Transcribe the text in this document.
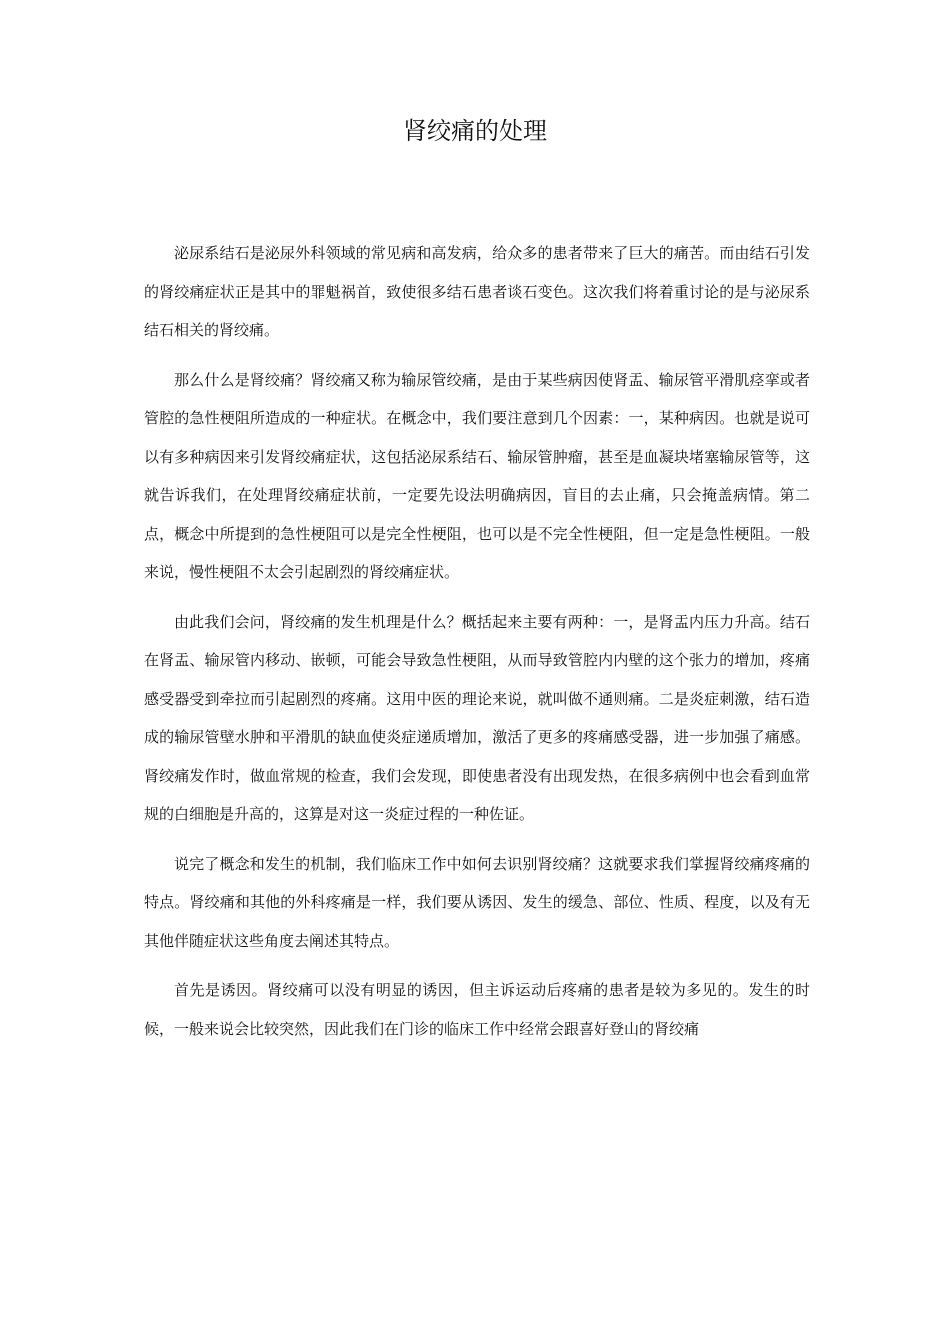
肾绞痛的处理

泌尿系结石是泌尿外科领域的常见病和高发病，给众多的患者带来了巨大的痛苦。而由结石引发的肾绞痛症状正是其中的罪魁祸首，致使很多结石患者谈石变色。这次我们将着重讨论的是与泌尿系结石相关的肾绞痛。

那么什么是肾绞痛？肾绞痛又称为输尿管绞痛，是由于某些病因使肾盂、输尿管平滑肌痉挛或者管腔的急性梗阻所造成的一种症状。在概念中，我们要注意到几个因素：一，某种病因。也就是说可以有多种病因来引发肾绞痛症状，这包括泌尿系结石、输尿管肿瘤，甚至是血凝块堵塞输尿管等，这就告诉我们，在处理肾绞痛症状前，一定要先设法明确病因，盲目的去止痛，只会掩盖病情。第二点，概念中所提到的急性梗阻可以是完全性梗阻，也可以是不完全性梗阻，但一定是急性梗阻。一般来说，慢性梗阻不太会引起剧烈的肾绞痛症状。

由此我们会问，肾绞痛的发生机理是什么？概括起来主要有两种：一，是肾盂内压力升高。结石在肾盂、输尿管内移动、嵌顿，可能会导致急性梗阻，从而导致管腔内内壁的这个张力的增加，疼痛感受器受到牵拉而引起剧烈的疼痛。这用中医的理论来说，就叫做不通则痛。二是炎症刺激，结石造成的输尿管壁水肿和平滑肌的缺血使炎症递质增加，激活了更多的疼痛感受器，进一步加强了痛感。肾绞痛发作时，做血常规的检查，我们会发现，即使患者没有出现发热，在很多病例中也会看到血常规的白细胞是升高的，这算是对这一炎症过程的一种佐证。

说完了概念和发生的机制，我们临床工作中如何去识别肾绞痛？这就要求我们掌握肾绞痛疼痛的特点。肾绞痛和其他的外科疼痛是一样，我们要从诱因、发生的缓急、部位、性质、程度，以及有无其他伴随症状这些角度去阐述其特点。

首先是诱因。肾绞痛可以没有明显的诱因，但主诉运动后疼痛的患者是较为多见的。发生的时候，一般来说会比较突然，因此我们在门诊的临床工作中经常会跟喜好登山的肾绞痛
